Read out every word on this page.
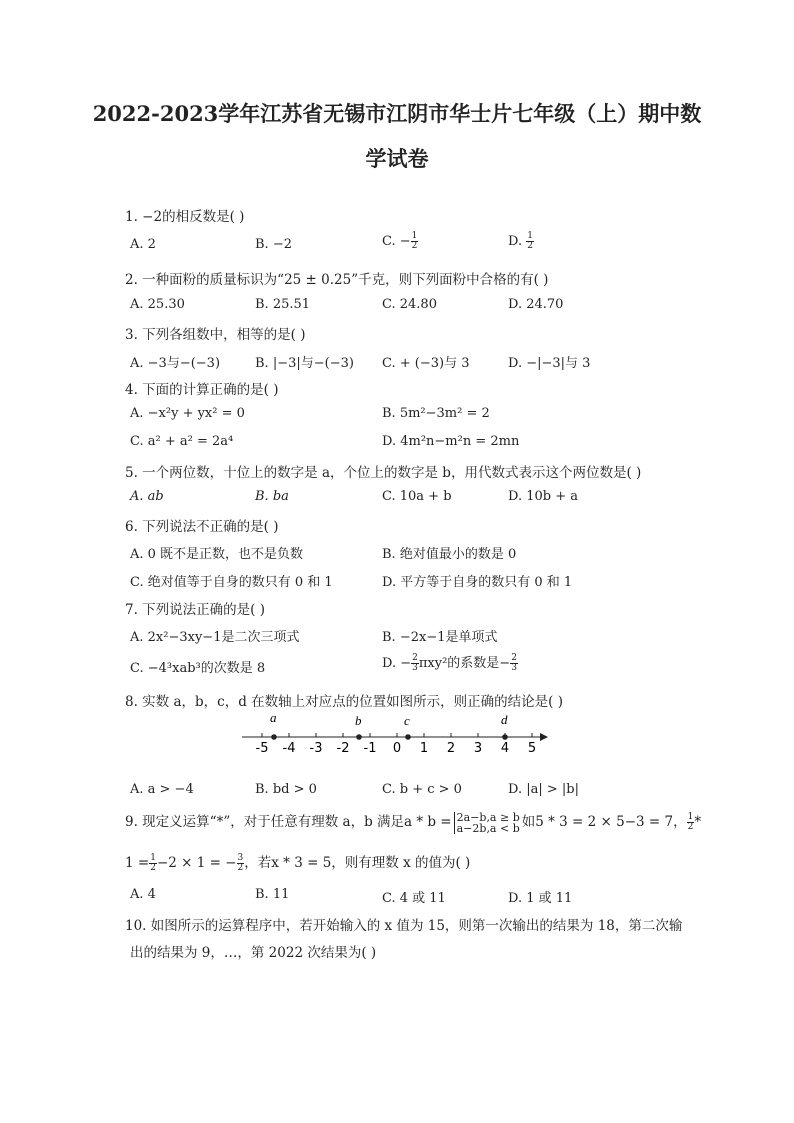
2022-2023学年江苏省无锡市江阴市华士片七年级（上）期中数
学试卷
1. −2的相反数是( )
A. 2	B. −2	C. − $\frac{1}{2}$	D. $\frac{1}{2}$
2. 一种面粉的质量标识为“25 ± 0.25”千克，则下列面粉中合格的有( )
A. 25.30	B. 25.51	C. 24.80	D. 24.70
3. 下列各组数中，相等的是( )
A. −3与−(−3)	B. |−3|与−(−3) C. + (−3)与 3	D. −|−3|与 3
4. 下面的计算正确的是( )
A. −x²y + yx² = 0	B. 5m²−3m² = 2
C. a² + a² = 2a⁴	D. 4m²n−m²n = 2mn
5. 一个两位数，十位上的数字是 a，个位上的数字是 b，用代数式表示这个两位数是( )
A. ab	B. ba	C. 10a + b	D. 10b + a
6. 下列说法不正确的是( )
A. 0 既不是正数，也不是负数	B. 绝对值最小的数是 0
C. 绝对值等于自身的数只有 0 和 1	D. 平方等于自身的数只有 0 和 1
7. 下列说法正确的是( )
A. 2x²−3xy−1是二次三项式	B. −2x−1是单项式
C. −4³xab³的次数是 8	D. − $\frac{2}{3} \pi xy^2$的系数是− $\frac{2}{3}$
8. 实数 a，b，c，d 在数轴上对应点的位置如图所示，则正确的结论是( )
-5 -4 -3 -2 -1 0 1 2 3 4 5
a	b	c	d
A. a > −4	B. bd > 0	C. b + c > 0	D. |a| > |b|
9. 现定义运算“*”，对于任意有理数 a，b 满足a * b = 2a−b,a ≥ b
a−2b,a < b 如5 * 3 = 2 × 5−3 = 7， $\frac{1}{2}$ *
$1 = \frac{1}{2} -2 \times 1$ = − $\frac{3}{2}$ ，若x * 3 = 5，则有理数 x 的值为( )
A. 4	B. 11	C. 4 或 11	D. 1 或 11
10. 如图所示的运算程序中，若开始输入的 x 值为 15，则第一次输出的结果为 18，第二次输
出的结果为 9，…，第 2022 次结果为( )
